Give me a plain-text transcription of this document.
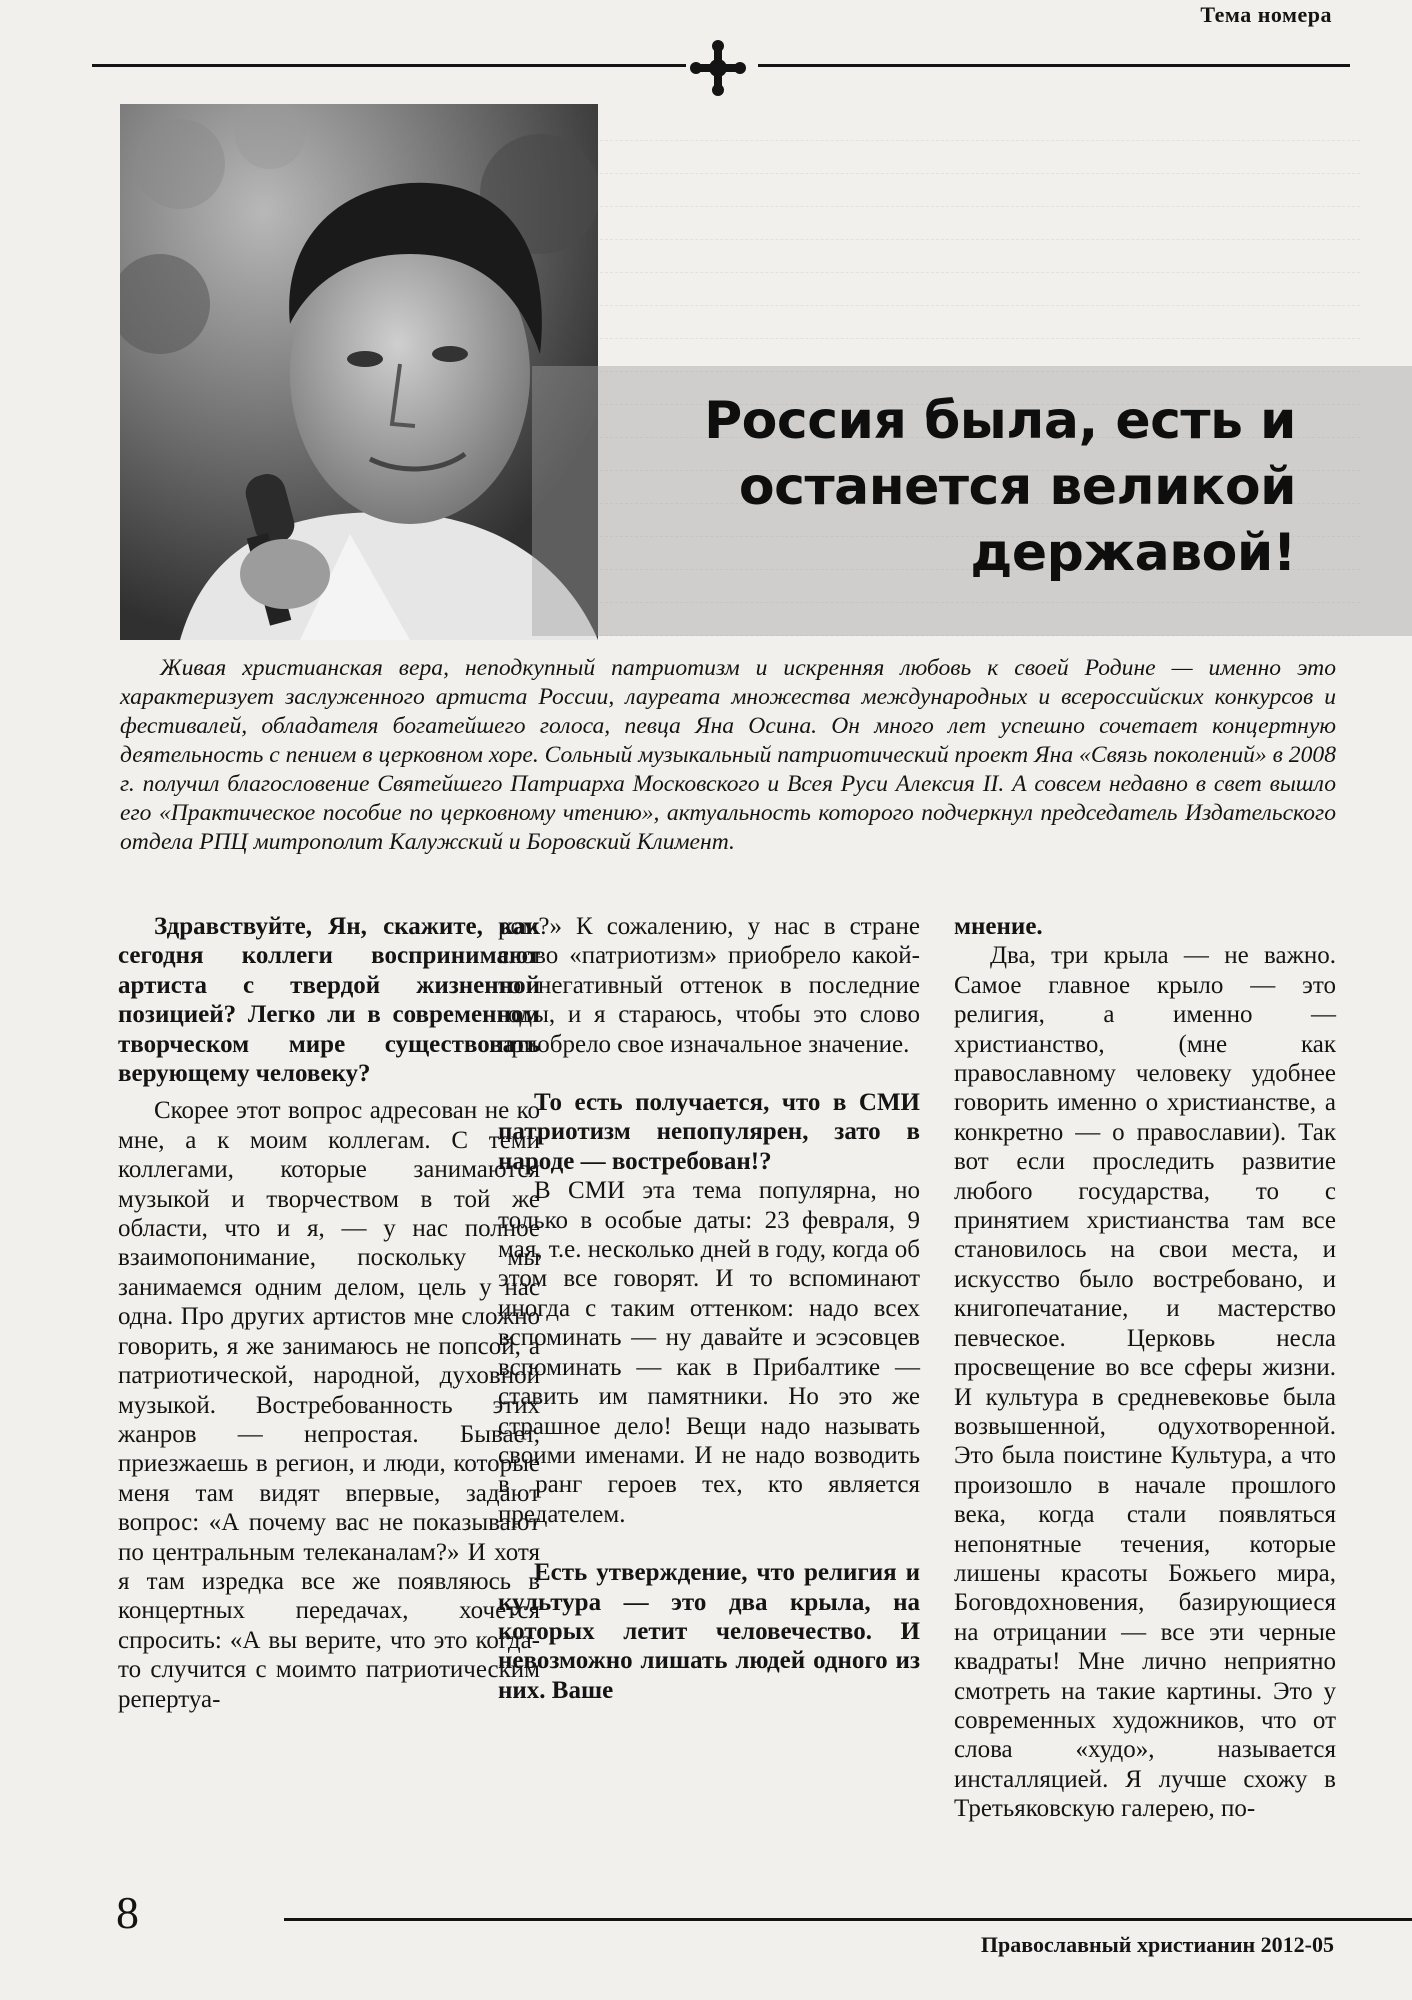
Тема номера
Россия была, есть и
останется великой
державой!
Живая христианская вера, неподкупный патриотизм и искренняя любовь к своей Родине — именно это характеризует заслуженного артиста России, лауреата множества международных и всероссийских конкурсов и фестивалей, обладателя богатейшего голоса, певца Яна Осина. Он много лет успешно сочетает концертную деятельность с пением в церковном хоре. Сольный музыкальный патриотический проект Яна «Связь поколений» в 2008 г. получил благословение Святейшего Патриарха Московского и Всея Руси Алексия II. А совсем недавно в свет вышло его «Практическое пособие по церковному чтению», актуальность которого подчеркнул председатель Издательского отдела РПЦ митрополит Калужский и Боровский Климент.

Здравствуйте, Ян, скажите, как сегодня коллеги воспринимают артиста с твердой жизненной позицией? Легко ли в современном творческом мире существовать верующему человеку?

Скорее этот вопрос адресован не ко мне, а к моим коллегам. С теми коллегами, которые занимаются музыкой и творчеством в той же области, что и я, — у нас полное взаимопонимание, поскольку мы занимаемся одним делом, цель у нас одна. Про других артистов мне сложно говорить, я же занимаюсь не попсой, а патриотической, народной, духовной музыкой. Востребованность этих жанров — непростая. Бывает, приезжаешь в регион, и люди, которые меня там видят впервые, задают вопрос: «А почему вас не показывают по центральным телеканалам?» И хотя я там изредка все же появляюсь в концертных передачах, хочется спросить: «А вы верите, что это когда-то случится с моимто патриотическим репертуа-

ром?» К сожалению, у нас в стране слово «патриотизм» приобрело какой-то негативный оттенок в последние годы, и я стараюсь, чтобы это слово приобрело свое изначальное значение.

То есть получается, что в СМИ патриотизм непопулярен, зато в народе — востребован!?

В СМИ эта тема популярна, но только в особые даты: 23 февраля, 9 мая, т.е. несколько дней в году, когда об этом все говорят. И то вспоминают иногда с таким оттенком: надо всех вспоминать — ну давайте и эсэсовцев вспоминать — как в Прибалтике — ставить им памятники. Но это же страшное дело! Вещи надо называть своими именами. И не надо возводить в ранг героев тех, кто является предателем.

Есть утверждение, что религия и культура — это два крыла, на которых летит человечество. И невозможно лишать людей одного из них. Ваше

мнение.

Два, три крыла — не важно. Самое главное крыло — это религия, а именно — христианство, (мне как православному человеку удобнее говорить именно о христианстве, а конкретно — о православии). Так вот если проследить развитие любого государства, то с принятием христианства там все становилось на свои места, и искусство было востребовано, и книгопечатание, и мастерство певческое. Церковь несла просвещение во все сферы жизни. И культура в средневековье была возвышенной, одухотворенной. Это была поистине Культура, а что произошло в начале прошлого века, когда стали появляться непонятные течения, которые лишены красоты Божьего мира, Боговдохновения, базирующиеся на отрицании — все эти черные квадраты! Мне лично неприятно смотреть на такие картины. Это у современных художников, что от слова «худо», называется инсталляцией. Я лучше схожу в Третьяковскую галерею, по-

8
Православный христианин 2012-05
